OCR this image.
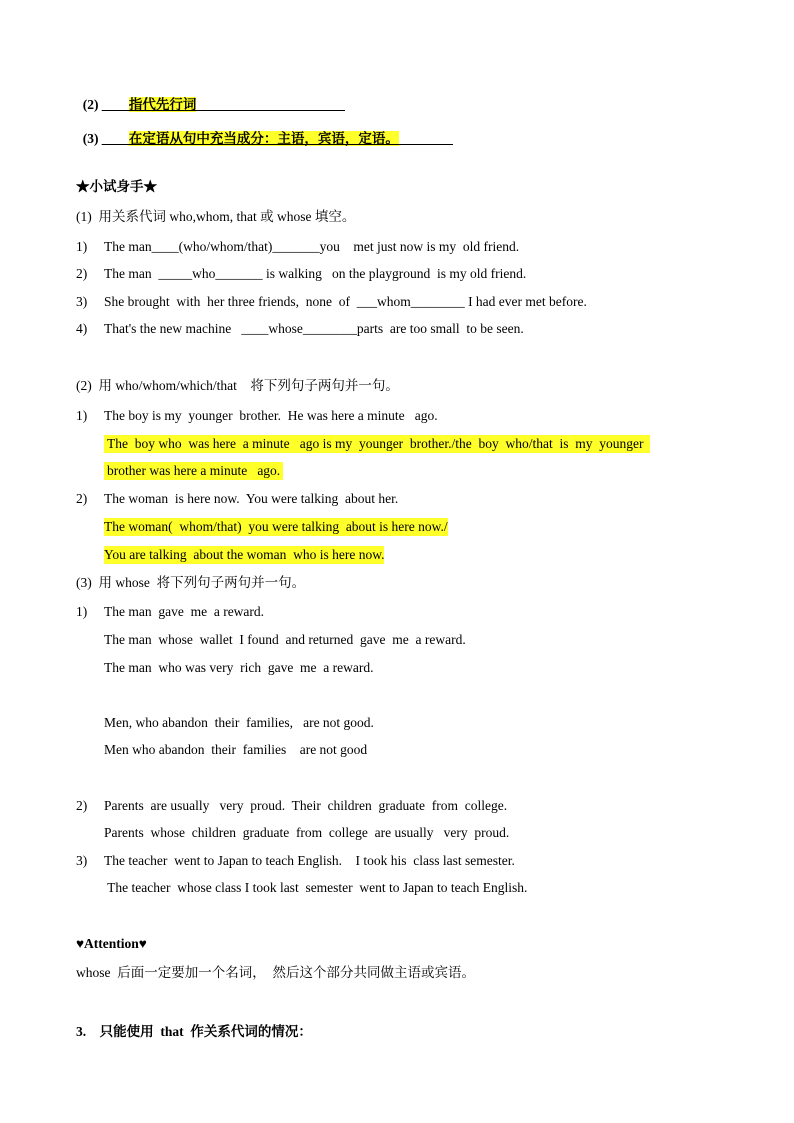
(2) ____指代先行词______________________

(3) ____在定语从句中充当成分：主语，宾语，定语。________

★小试身手★
(1)  用关系代词 who,whom, that 或 whose 填空。
1) The man____(who/whom/that)_______you    met just now is my  old friend.
2) The man  _____who_______ is walking   on the playground  is my old friend.
3) She brought  with  her three friends,  none  of  ___whom________ I had ever met before.
4) That's the new machine   ____whose________parts  are too small  to be seen.
(2)  用 who/whom/which/that    将下列句子两句并一句。
1) The boy is my  younger  brother.  He was here a minute   ago.
The  boy who  was here  a minute   ago is my  younger  brother./the  boy  who/that  is  my  younger
brother was here a minute   ago.
2) The woman  is here now.  You were talking  about her.
The woman(  whom/that)  you were talking  about is here now./
You are talking  about the woman  who is here now.
(3)  用 whose  将下列句子两句并一句。
1) The man  gave  me  a reward.
The man  whose  wallet  I found  and returned  gave  me  a reward.
The man  who was very  rich  gave  me  a reward.
Men, who abandon  their  families,   are not good.
Men who abandon  their  families    are not good
2) Parents  are usually   very  proud.  Their  children  graduate  from  college.
Parents  whose  children  graduate  from  college  are usually   very  proud.
3) The teacher  went to Japan to teach English.    I took his  class last semester.
The teacher  whose class I took last  semester  went to Japan to teach English.
♥Attention♥
whose  后面一定要加一个名词，  然后这个部分共同做主语或宾语。
3.    只能使用  that  作关系代词的情况：
